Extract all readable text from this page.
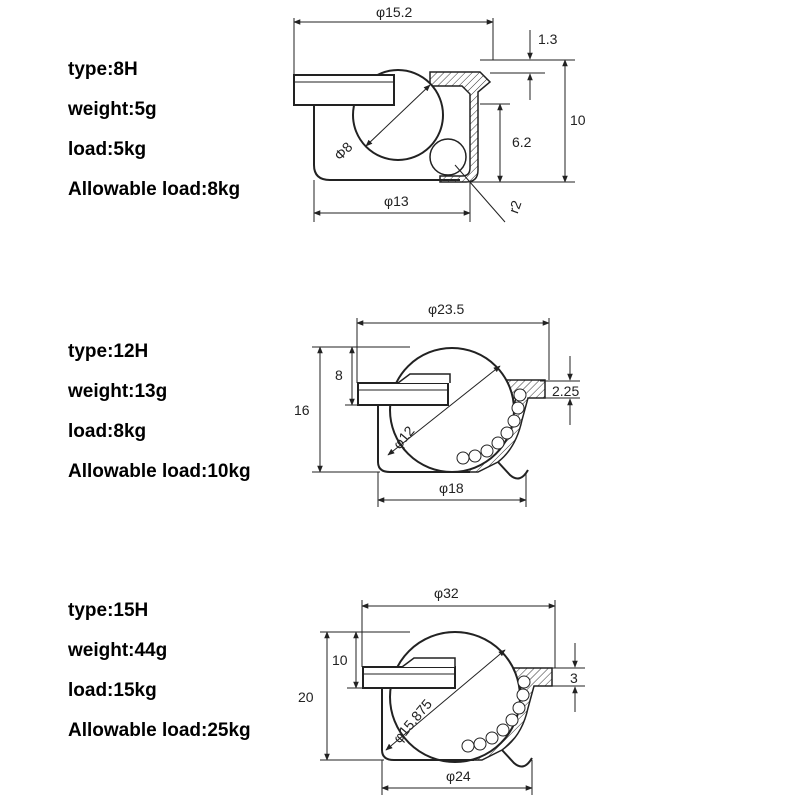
type:8H
weight:5g
load:5kg
Allowable load:8kg
type:12H
weight:13g
load:8kg
Allowable load:10kg
type:15H
weight:44g
load:15kg
Allowable load:25kg
φ15.2
1.3
10
6.2
Φ8
φ13	r2
φ23.5
8
16
2.25
φ12
φ18
φ32
10
20
3
φ15.875
φ24
